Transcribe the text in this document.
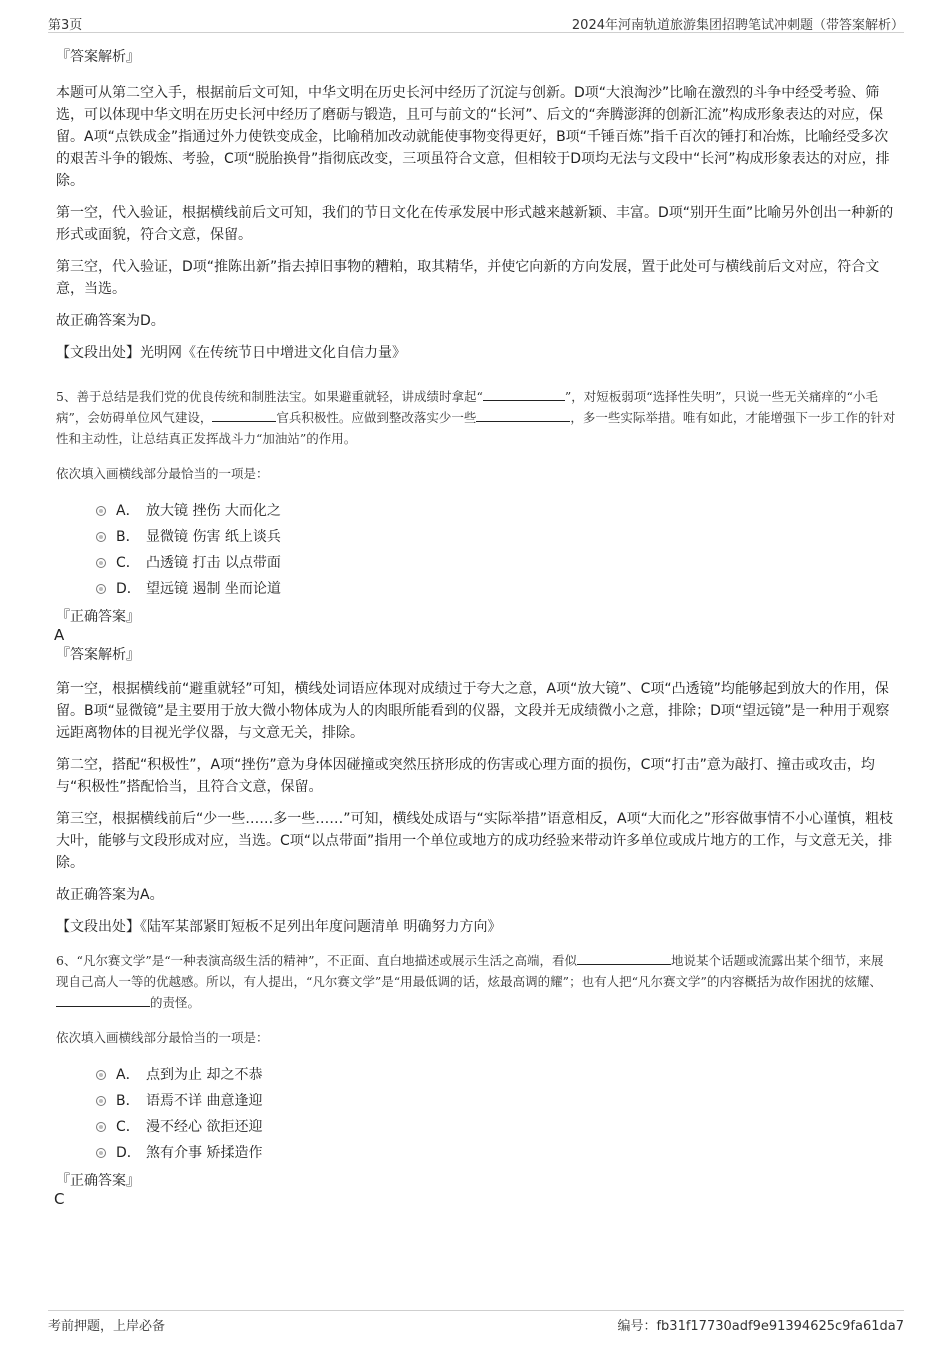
第3页	2024年河南轨道旅游集团招聘笔试冲刺题（带答案解析）

『答案解析』

本题可从第二空入手，根据前后文可知，中华文明在历史长河中经历了沉淀与创新。D项“大浪淘沙”比喻在激烈的斗争中经受考验、筛选，可以体现中华文明在历史长河中经历了磨砺与锻造，且可与前文的“长河”、后文的“奔腾澎湃的创新汇流”构成形象表达的对应，保留。A项“点铁成金”指通过外力使铁变成金，比喻稍加改动就能使事物变得更好，B项“千锤百炼”指千百次的锤打和冶炼，比喻经受多次的艰苦斗争的锻炼、考验，C项“脱胎换骨”指彻底改变，三项虽符合文意，但相较于D项均无法与文段中“长河”构成形象表达的对应，排除。

第一空，代入验证，根据横线前后文可知，我们的节日文化在传承发展中形式越来越新颖、丰富。D项“别开生面”比喻另外创出一种新的形式或面貌，符合文意，保留。

第三空，代入验证，D项“推陈出新”指去掉旧事物的糟粕，取其精华，并使它向新的方向发展，置于此处可与横线前后文对应，符合文意，当选。

故正确答案为D。

【文段出处】光明网《在传统节日中增进文化自信力量》

5、善于总结是我们党的优良传统和制胜法宝。如果避重就轻，讲成绩时拿起“	”，对短板弱项“选择性失明”，只说一些无关痛痒的“小毛病”，会妨碍单位风气建设，	官兵积极性。应做到整改落实少一些	，多一些实际举措。唯有如此，才能增强下一步工作的针对性和主动性，让总结真正发挥战斗力“加油站”的作用。

依次填入画横线部分最恰当的一项是：

A． 放大镜 挫伤 大而化之
B． 显微镜 伤害 纸上谈兵
C． 凸透镜 打击 以点带面
D． 望远镜 遏制 坐而论道

『正确答案』

A

『答案解析』

第一空，根据横线前“避重就轻”可知，横线处词语应体现对成绩过于夸大之意，A项“放大镜”、C项“凸透镜”均能够起到放大的作用，保留。B项“显微镜”是主要用于放大微小物体成为人的肉眼所能看到的仪器，文段并无成绩微小之意，排除；D项“望远镜”是一种用于观察远距离物体的目视光学仪器，与文意无关，排除。

第二空，搭配“积极性”，A项“挫伤”意为身体因碰撞或突然压挤形成的伤害或心理方面的损伤，C项“打击”意为敲打、撞击或攻击，均与“积极性”搭配恰当，且符合文意，保留。

第三空，根据横线前后“少一些……多一些……”可知，横线处成语与“实际举措”语意相反，A项“大而化之”形容做事情不小心谨慎，粗枝大叶，能够与文段形成对应，当选。C项“以点带面”指用一个单位或地方的成功经验来带动许多单位或成片地方的工作，与文意无关，排除。

故正确答案为A。

【文段出处】《陆军某部紧盯短板不足列出年度问题清单 明确努力方向》

6、“凡尔赛文学”是“一种表演高级生活的精神”，不正面、直白地描述或展示生活之高端，看似	地说某个话题或流露出某个细节，来展现自己高人一等的优越感。所以，有人提出，“凡尔赛文学”是“用最低调的话，炫最高调的耀”；也有人把“凡尔赛文学”的内容概括为故作困扰的炫耀、的责怪。

依次填入画横线部分最恰当的一项是：

A． 点到为止 却之不恭
B． 语焉不详 曲意逢迎
C． 漫不经心 欲拒还迎
D． 煞有介事 矫揉造作

『正确答案』

C

考前押题，上岸必备	编号：fb31f17730adf9e91394625c9fa61da7
